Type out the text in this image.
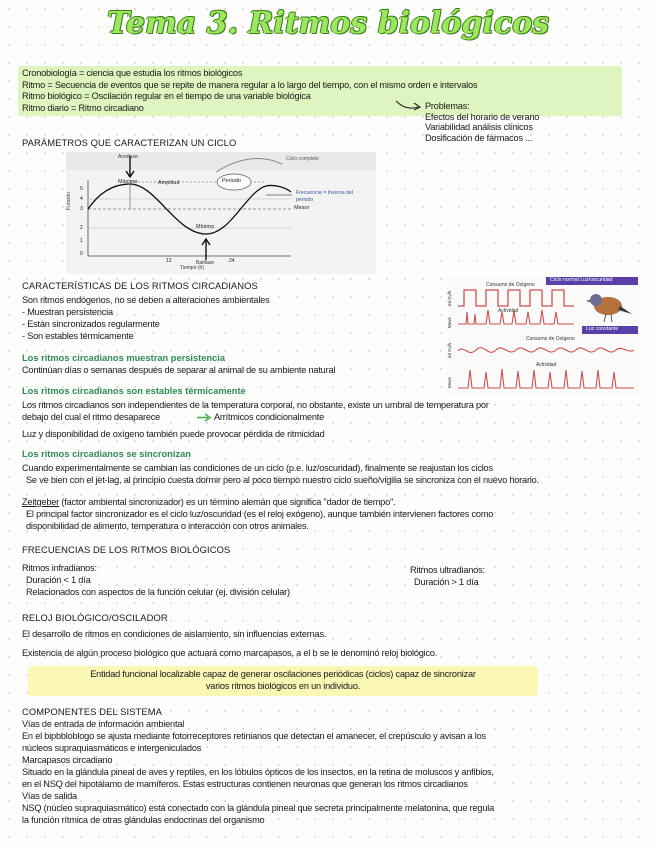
Tema 3. Ritmos biológicos
Cronobiología = ciencia que estudia los ritmos biológicos
Ritmo = Secuencia de eventos que se repite de manera regular a lo largo del tiempo, con el mismo orden e intervalos
Ritmo biológico = Oscilación regular en el tiempo de una variable biológica
Ritmo diario = Ritmo circadiano	Problemas:
Efectos del horario de verano
Variabilidad análisis clínicos
Dosificación de fármacos ...
PARÁMETROS QUE CARACTERIZAN UN CICLO
Acrofase	Ciclo completo
Máximo	Amplitud	Periodo
Frecuencia = Inversa del periodo
Mesor
Mínimo
Batifase
Función
Tiempo (h)
5
4
3
2
1
0
12	24
CARACTERÍSTICAS DE LOS RITMOS CIRCADIANOS
Son ritmos endógenos, no se deben a alteraciones ambientales
- Muestran persistencia
- Están sincronizados regularmente
- Son estables térmicamente
Ciclo normal Luz/oscuridad
Consumo de Oxígeno
Actividad
Luz constante
Consumo de Oxígeno
Actividad
ml O₂/h
Movs
ml O₂/h
Movs
Los ritmos circadianos muestran persistencia
Continúan días o semanas después de separar al animal de su ambiente natural
Los ritmos circadianos son estables térmicamente
Los ritmos circadianos son independientes de la temperatura corporal, no obstante, existe un umbral de temperatura por
debajo del cual el ritmo desaparece	Arrítmicos condicionalmente
Luz y disponibilidad de oxígeno también puede provocar pérdida de ritmicidad
Los ritmos circadianos se sincronizan
Cuando experimentalmente se cambian las condiciones de un ciclo (p.e. luz/oscuridad), finalmente se reajustan los ciclos
Se ve bien con el jet-lag, al principio cuesta dormir pero al poco tiempo nuestro ciclo sueño/vigilia se sincroniza con el nuevo horario.
Zeitgeber (factor ambiental sincronizador) es un término alemán que significa "dador de tiempo".
El principal factor sincronizador es el ciclo luz/oscuridad (es el reloj exógeno), aunque también intervienen factores como
disponibilidad de alimento, temperatura o interacción con otros animales.
FRECUENCIAS DE LOS RITMOS BIOLÓGICOS
Ritmos infradianos:
Duración < 1 día
Relacionados con aspectos de la función celular (ej. división celular)
Ritmos ultradianos:
Duración > 1 día
RELOJ BIOLÓGICO/OSCILADOR
El desarrollo de ritmos en condiciones de aislamiento, sin influencias externas.
Existencia de algún proceso biológico que actuará como marcapasos, a el b se le denominó reloj biológico.
Entidad funcional localizable capaz de generar oscilaciones periódicas (ciclos) capaz de sincronizar
varios ritmos biológicos en un individuo.
COMPONENTES DEL SISTEMA
Vías de entrada de información ambiental
En el bipbbloblogo se ajusta mediante fotorreceptores retinianos que detectan el amanecer, el crepúsculo y avisan a los
núcleos supraquiasmáticos e intergeniculados
Marcapasos circadiano
Situado en la glándula pineal de aves y reptiles, en los lóbulos ópticos de los insectos, en la retina de moluscos y anfibios,
en el NSQ del hipotálamo de mamíferos. Estas estructuras contienen neuronas que generan los ritmos circadianos
Vías de salida
NSQ (núcleo supraquiasmático) está conectado con la glándula pineal que secreta principalmente melatonina, que regula
la función rítmica de otras glándulas endocrinas del organismo
